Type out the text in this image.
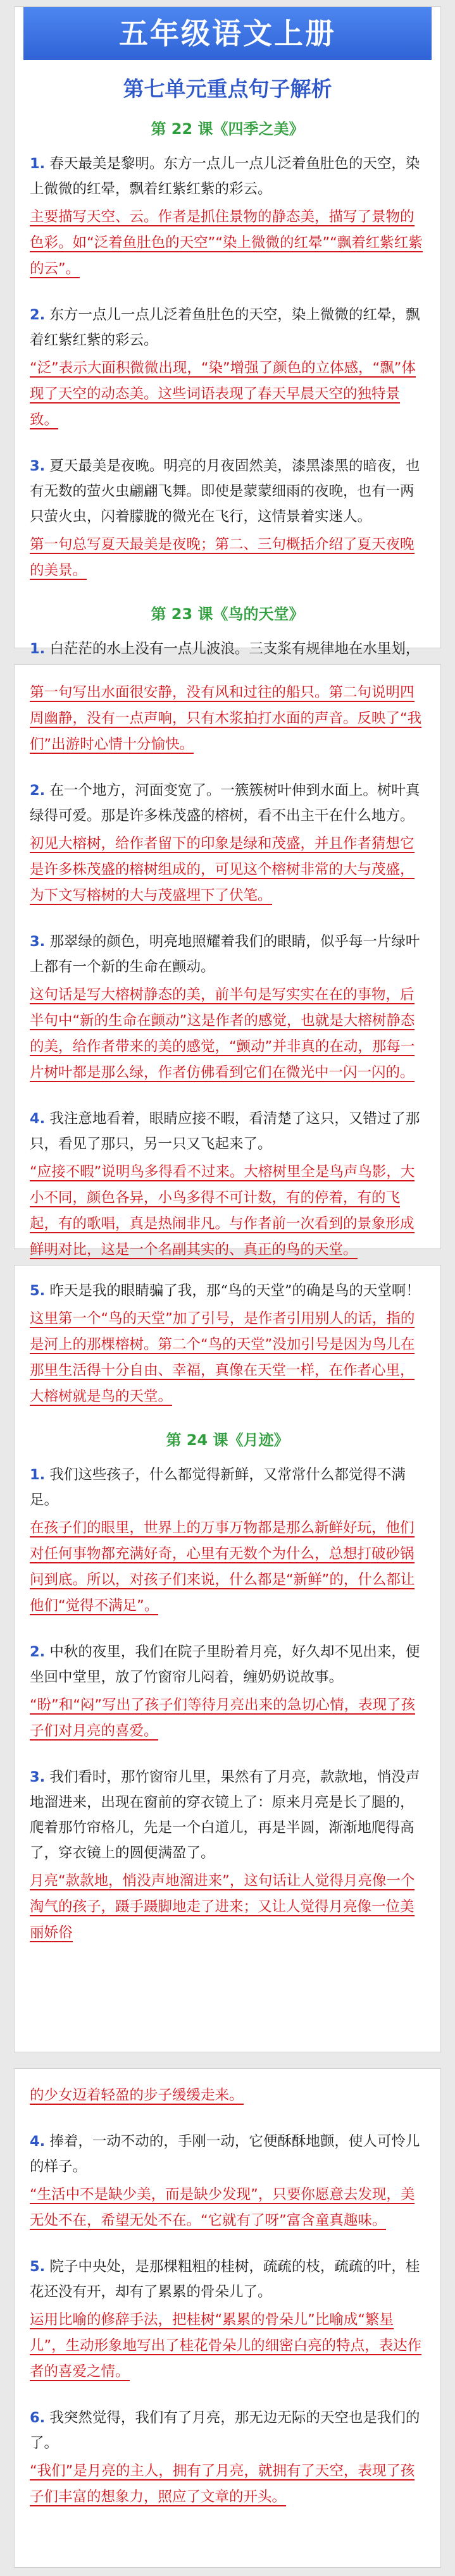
五年级语文上册
第七单元重点句子解析
第 22 课《四季之美》

1. 春天最美是黎明。东方一点儿一点儿泛着鱼肚色的天空，染上微微的红晕，飘着红紫红紫的彩云。

主要描写天空、云。作者是抓住景物的静态美，描写了景物的色彩。如“泛着鱼肚色的天空”“染上微微的红晕”“飘着红紫红紫的云”。

2. 东方一点儿一点儿泛着鱼肚色的天空，染上微微的红晕，飘着红紫红紫的彩云。

“泛”表示大面积微微出现，“染”增强了颜色的立体感，“飘”体现了天空的动态美。这些词语表现了春天早晨天空的独特景致。

3. 夏天最美是夜晚。明亮的月夜固然美，漆黑漆黑的暗夜，也有无数的萤火虫翩翩飞舞。即使是蒙蒙细雨的夜晚，也有一两只萤火虫，闪着朦胧的微光在飞行，这情景着实迷人。

第一句总写夏天最美是夜晚；第二、三句概括介绍了夏天夜晚的美景。

第 23 课《鸟的天堂》

1. 白茫茫的水上没有一点儿波浪。三支浆有规律地在水里划，

第一句写出水面很安静，没有风和过往的船只。第二句说明四周幽静，没有一点声响，只有木浆拍打水面的声音。反映了“我们”出游时心情十分愉快。

2. 在一个地方，河面变宽了。一簇簇树叶伸到水面上。树叶真绿得可爱。那是许多株茂盛的榕树，看不出主干在什么地方。

初见大榕树，给作者留下的印象是绿和茂盛，并且作者猜想它是许多株茂盛的榕树组成的，可见这个榕树非常的大与茂盛，为下文写榕树的大与茂盛埋下了伏笔。

3. 那翠绿的颜色，明亮地照耀着我们的眼睛，似乎每一片绿叶上都有一个新的生命在颤动。

这句话是写大榕树静态的美，前半句是写实实在在的事物，后半句中“新的生命在颤动”这是作者的感觉，也就是大榕树静态的美，给作者带来的美的感觉，“颤动”并非真的在动，那每一片树叶都是那么绿，作者仿佛看到它们在微光中一闪一闪的。

4. 我注意地看着，眼睛应接不暇，看清楚了这只，又错过了那只，看见了那只，另一只又飞起来了。

“应接不暇”说明鸟多得看不过来。大榕树里全是鸟声鸟影，大小不同，颜色各异，小鸟多得不可计数，有的停着，有的飞起，有的歌唱，真是热闹非凡。与作者前一次看到的景象形成鲜明对比，这是一个名副其实的、真正的鸟的天堂。

5. 昨天是我的眼睛骗了我，那“鸟的天堂”的确是鸟的天堂啊！

这里第一个“鸟的天堂”加了引号，是作者引用别人的话，指的是河上的那棵榕树。第二个“鸟的天堂”没加引号是因为鸟儿在那里生活得十分自由、幸福，真像在天堂一样，在作者心里，大榕树就是鸟的天堂。

第 24 课《月迹》

1. 我们这些孩子，什么都觉得新鲜，又常常什么都觉得不满足。

在孩子们的眼里，世界上的万事万物都是那么新鲜好玩，他们对任何事物都充满好奇，心里有无数个为什么，总想打破砂锅问到底。所以，对孩子们来说，什么都是“新鲜”的，什么都让他们“觉得不满足”。

2. 中秋的夜里，我们在院子里盼着月亮，好久却不见出来，便坐回中堂里，放了竹窗帘儿闷着，缠奶奶说故事。

“盼”和“闷”写出了孩子们等待月亮出来的急切心情，表现了孩子们对月亮的喜爱。

3. 我们看时，那竹窗帘儿里，果然有了月亮，款款地，悄没声地溜进来，出现在窗前的穿衣镜上了：原来月亮是长了腿的，爬着那竹帘格儿，先是一个白道儿，再是半圆，渐渐地爬得高了，穿衣镜上的圆便满盈了。

月亮“款款地，悄没声地溜进来”，这句话让人觉得月亮像一个淘气的孩子，蹑手蹑脚地走了进来；又让人觉得月亮像一位美丽娇俗

的少女迈着轻盈的步子缓缓走来。

4. 捧着，一动不动的，手刚一动，它便酥酥地颤，使人可怜儿的样子。

“生活中不是缺少美，而是缺少发现”，只要你愿意去发现，美无处不在，希望无处不在。“它就有了呀”富含童真趣味。

5. 院子中央处，是那棵粗粗的桂树，疏疏的枝，疏疏的叶，桂花还没有开，却有了累累的骨朵儿了。

运用比喻的修辞手法，把桂树“累累的骨朵儿”比喻成“繁星儿”，生动形象地写出了桂花骨朵儿的细密白亮的特点，表达作者的喜爱之情。

6. 我突然觉得，我们有了月亮，那无边无际的天空也是我们的了。

“我们”是月亮的主人，拥有了月亮，就拥有了天空，表现了孩子们丰富的想象力，照应了文章的开头。
